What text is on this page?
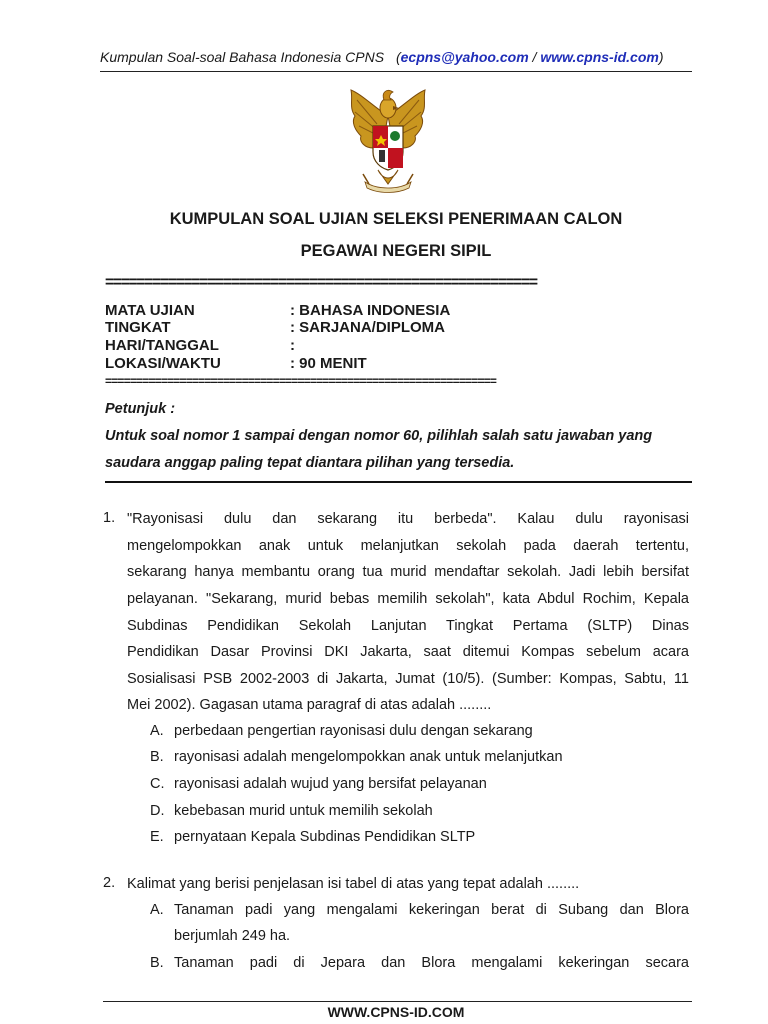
Kumpulan Soal-soal Bahasa Indonesia CPNS (ecpns@yahoo.com / www.cpns-id.com)
KUMPULAN SOAL UJIAN SELEKSI PENERIMAAN CALON
PEGAWAI NEGERI SIPIL
=======================================================
MATA UJIAN	: BAHASA INDONESIA
TINGKAT	: SARJANA/DIPLOMA
HARI/TANGGAL	:
LOKASI/WAKTU	: 90 MENIT
===============================================================
Petunjuk :
Untuk soal nomor 1 sampai dengan nomor 60, pilihlah salah satu jawaban yang
saudara anggap paling tepat diantara pilihan yang tersedia.
1. "Rayonisasi dulu dan sekarang itu berbeda". Kalau dulu rayonisasi
mengelompokkan anak untuk melanjutkan sekolah pada daerah tertentu,
sekarang hanya membantu orang tua murid mendaftar sekolah. Jadi lebih bersifat
pelayanan. "Sekarang, murid bebas memilih sekolah", kata Abdul Rochim, Kepala
Subdinas Pendidikan Sekolah Lanjutan Tingkat Pertama (SLTP) Dinas
Pendidikan Dasar Provinsi DKI Jakarta, saat ditemui Kompas sebelum acara
Sosialisasi PSB 2002-2003 di Jakarta, Jumat (10/5). (Sumber: Kompas, Sabtu, 11
Mei 2002). Gagasan utama paragraf di atas adalah ........
A. perbedaan pengertian rayonisasi dulu dengan sekarang
B. rayonisasi adalah mengelompokkan anak untuk melanjutkan
C. rayonisasi adalah wujud yang bersifat pelayanan
D. kebebasan murid untuk memilih sekolah
E. pernyataan Kepala Subdinas Pendidikan SLTP
2. Kalimat yang berisi penjelasan isi tabel di atas yang tepat adalah ........
A. Tanaman padi yang mengalami kekeringan berat di Subang dan Blora
berjumlah 249 ha.
B. Tanaman padi di Jepara dan Blora mengalami kekeringan secara
WWW.CPNS-ID.COM
